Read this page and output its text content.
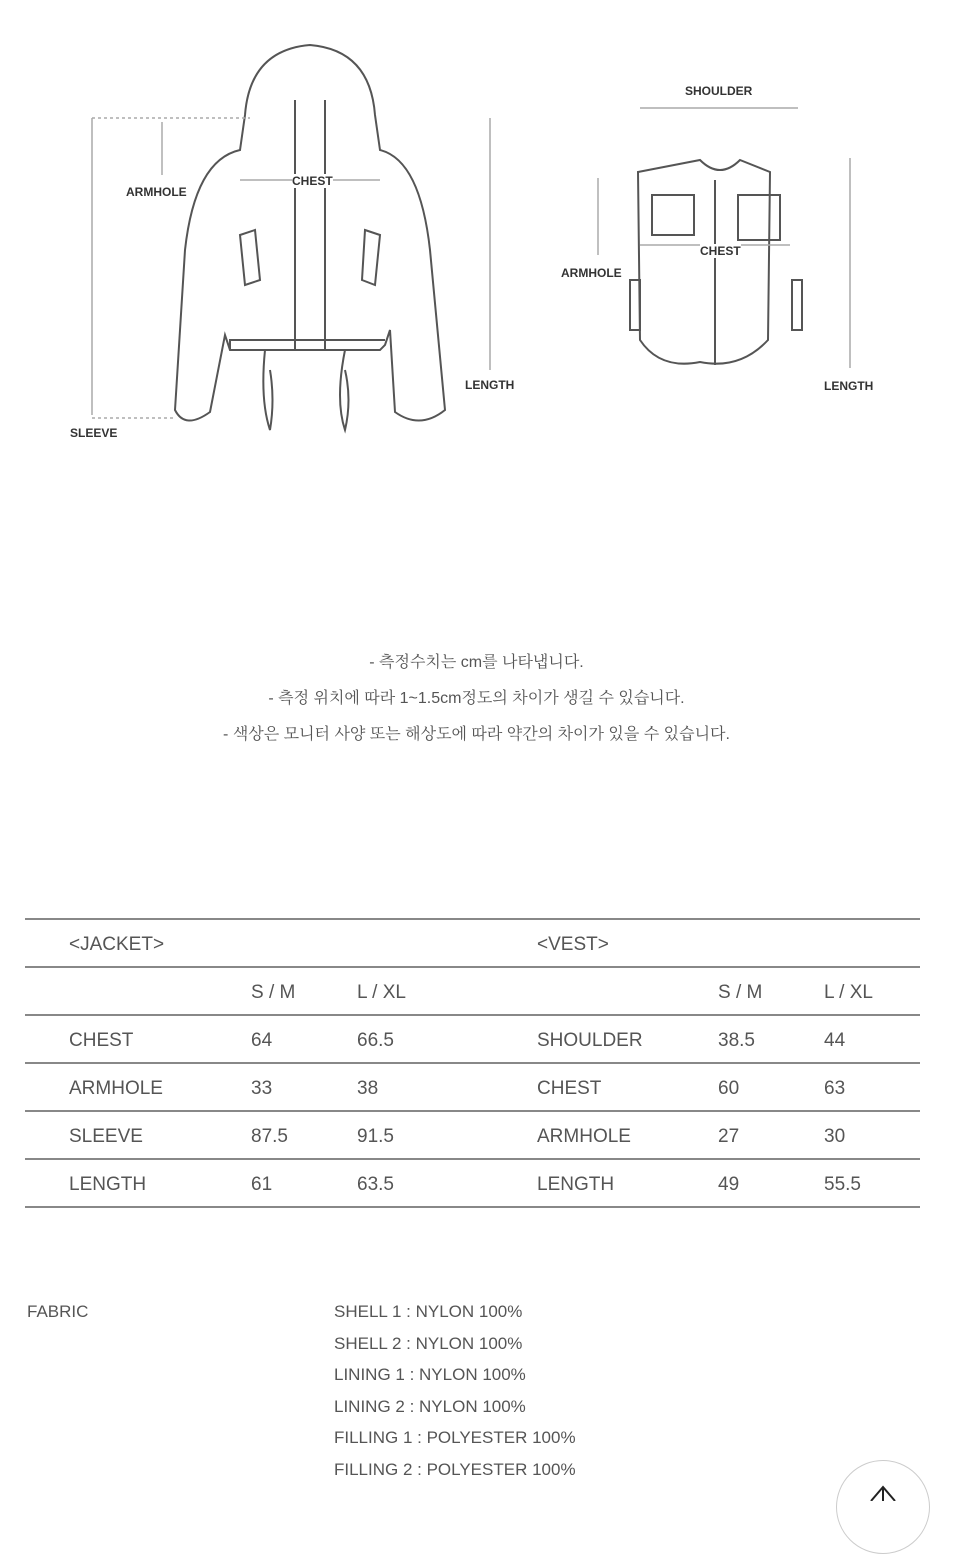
ARMHOLE
CHEST
LENGTH
SLEEVE
SHOULDER
CHEST
ARMHOLE
LENGTH
- 측정수치는 cm를 나타냅니다.
- 측정 위치에 따라 1~1.5cm정도의 차이가 생길 수 있습니다.
- 색상은 모니터 사양 또는 해상도에 따라 약간의 차이가 있을 수 있습니다.
<JACKET>	<VEST>
S / M	L / XL	S / M	L / XL
CHEST	64	66.5	SHOULDER	38.5	44
ARMHOLE	33	38	CHEST	60	63
SLEEVE	87.5	91.5	ARMHOLE	27	30
LENGTH	61	63.5	LENGTH	49	55.5
FABRIC	SHELL 1 : NYLON 100%
SHELL 2 : NYLON 100%
LINING 1 : NYLON 100%
LINING 2 : NYLON 100%
FILLING 1 : POLYESTER 100%
FILLING 2 : POLYESTER 100%
